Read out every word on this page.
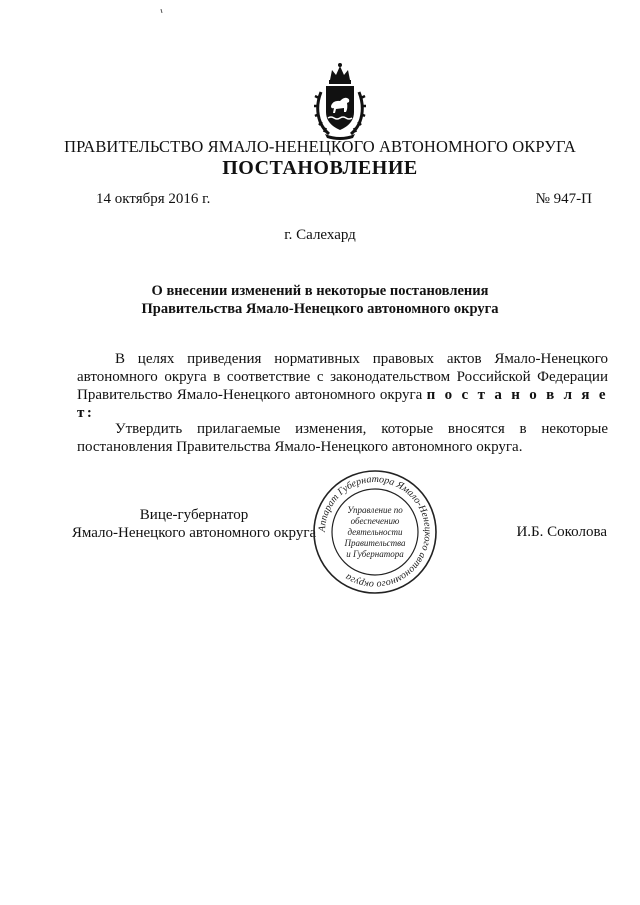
ПРАВИТЕЛЬСТВО ЯМАЛО-НЕНЕЦКОГО АВТОНОМНОГО ОКРУГА
ПОСТАНОВЛЕНИЕ
14 октября 2016 г.	№ 947-П
г. Салехард
О внесении изменений в некоторые постановления
Правительства Ямало-Ненецкого автономного округа
В целях приведения нормативных правовых актов Ямало-Ненецкого автономного округа в соответствие с законодательством Российской Федерации Правительство Ямало-Ненецкого автономного округа п о с т а н о в л я е т:
Утвердить прилагаемые изменения, которые вносятся в некоторые постановления Правительства Ямало-Ненецкого автономного округа.
Вице-губернатор
Ямало-Ненецкого автономного округа Аппарат Губернатора Ямало-Ненецкого автономного округа
Управление по
обеспечению
деятельности
Правительства
и Губернатора
И.Б. Соколова
